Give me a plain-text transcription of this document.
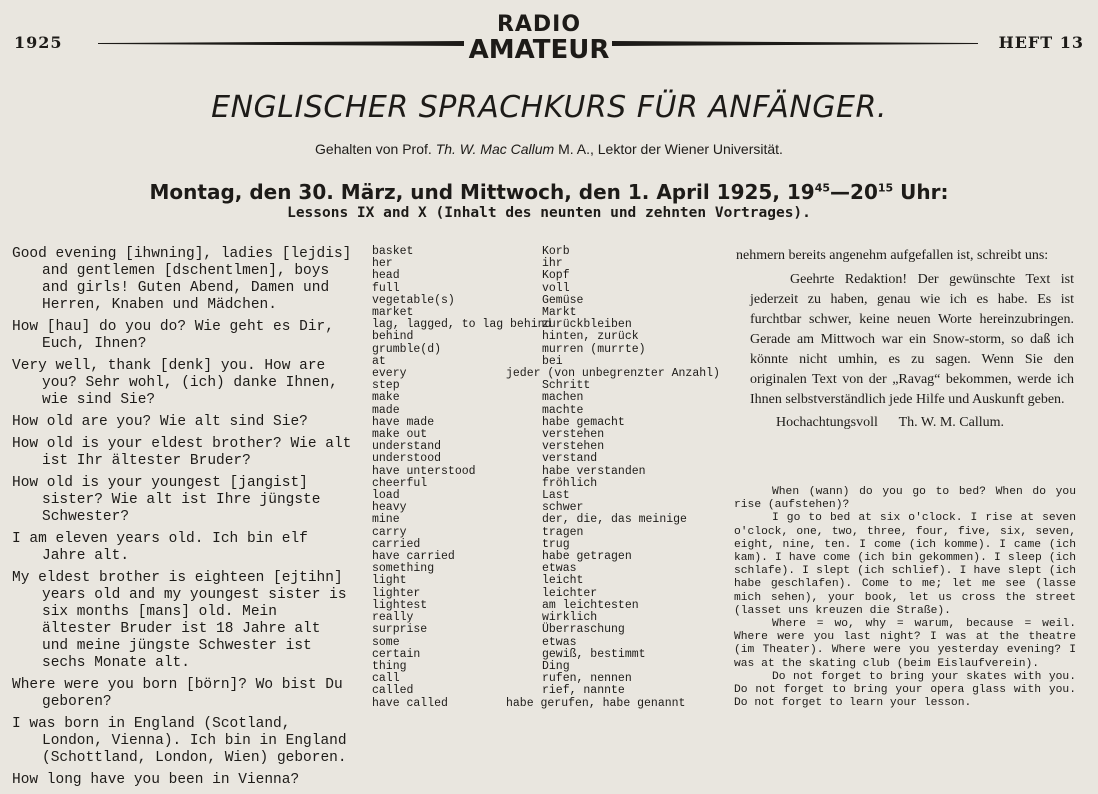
1925
RADIO
AMATEUR	HEFT 13
ENGLISCHER SPRACHKURS FÜR ANFÄNGER.
Gehalten von Prof. Th. W. Mac Callum M. A., Lektor der Wiener Universität.
Montag, den 30. März, und Mittwoch, den 1. April 1925, $19^{45}—20^{15}$ Uhr:
Lessons IX and X (Inhalt des neunten und zehnten Vortrages).

Good evening [ihwning], ladies [lejdis] and gentlemen [dschentlmen], boys and girls! Guten Abend, Damen und Herren, Knaben und Mädchen.

How [hau] do you do? Wie geht es Dir, Euch, Ihnen?

Very well, thank [denk] you. How are you? Sehr wohl, (ich) danke Ihnen, wie sind Sie?

How old are you? Wie alt sind Sie?

How old is your eldest brother? Wie alt ist Ihr ältester Bruder?

How old is your youngest [jangist] sister? Wie alt ist Ihre jüngste Schwester?

I am eleven years old. Ich bin elf Jahre alt.

My eldest brother is eighteen [ejtihn] years old and my youngest sister is six months [mans] old. Mein ältester Bruder ist 18 Jahre alt und meine jüngste Schwester ist sechs Monate alt.

Where were you born [börn]? Wo bist Du geboren?

I was born in England (Scotland, London, Vienna). Ich bin in England (Schottland, London, Wien) geboren.

How long have you been in Vienna?

basket
her
head
full
vegetable(s)
market
lag, lagged, to lag behind
behind
grumble(d)
at
every
step
make
made
have made
make out
understand
understood
have unterstood
cheerful
load
heavy
mine
carry
carried
have carried
something
light
lighter
lightest
really
surprise
some
certain
thing
call
called
have called
Korb
ihr
Kopf
voll
Gemüse
Markt
zurückbleiben
hinten, zurück
murren (murrte)
bei
jeder (von unbegrenzter Anzahl)
Schritt
machen
machte
habe gemacht
verstehen
verstehen
verstand
habe verstanden
fröhlich
Last
schwer
der, die, das meinige
tragen
trug
habe getragen
etwas
leicht
leichter
am leichtesten
wirklich
Überraschung
etwas
gewiß, bestimmt
Ding
rufen, nennen
rief, nannte
habe gerufen, habe genannt

nehmern bereits angenehm aufgefallen ist, schreibt uns:

Geehrte Redaktion! Der gewünschte Text ist jederzeit zu haben, genau wie ich es habe. Es ist furchtbar schwer, keine neuen Worte hereinzubringen. Gerade am Mittwoch war ein Snow-storm, so daß ich könnte nicht umhin, es zu sagen. Wenn Sie den originalen Text von der „Ravag“ bekommen, werde ich Ihnen selbstverständlich jede Hilfe und Auskunft geben.

Hochachtungsvoll Th. W. M. Callum.

When (wann) do you go to bed? When do you rise (aufstehen)?

I go to bed at six o'clock. I rise at seven o'clock, one, two, three, four, five, six, seven, eight, nine, ten. I come (ich komme). I came (ich kam). I have come (ich bin gekommen). I sleep (ich schlafe). I slept (ich schlief). I have slept (ich habe geschlafen). Come to me; let me see (lasse mich sehen), your book, let us cross the street (lasset uns kreuzen die Straße).

Where = wo, why = warum, because = weil. Where were you last night? I was at the theatre (im Theater). Where were you yesterday evening? I was at the skating club (beim Eislaufverein).

Do not forget to bring your skates with you. Do not forget to bring your opera glass with you. Do not forget to learn your lesson.
